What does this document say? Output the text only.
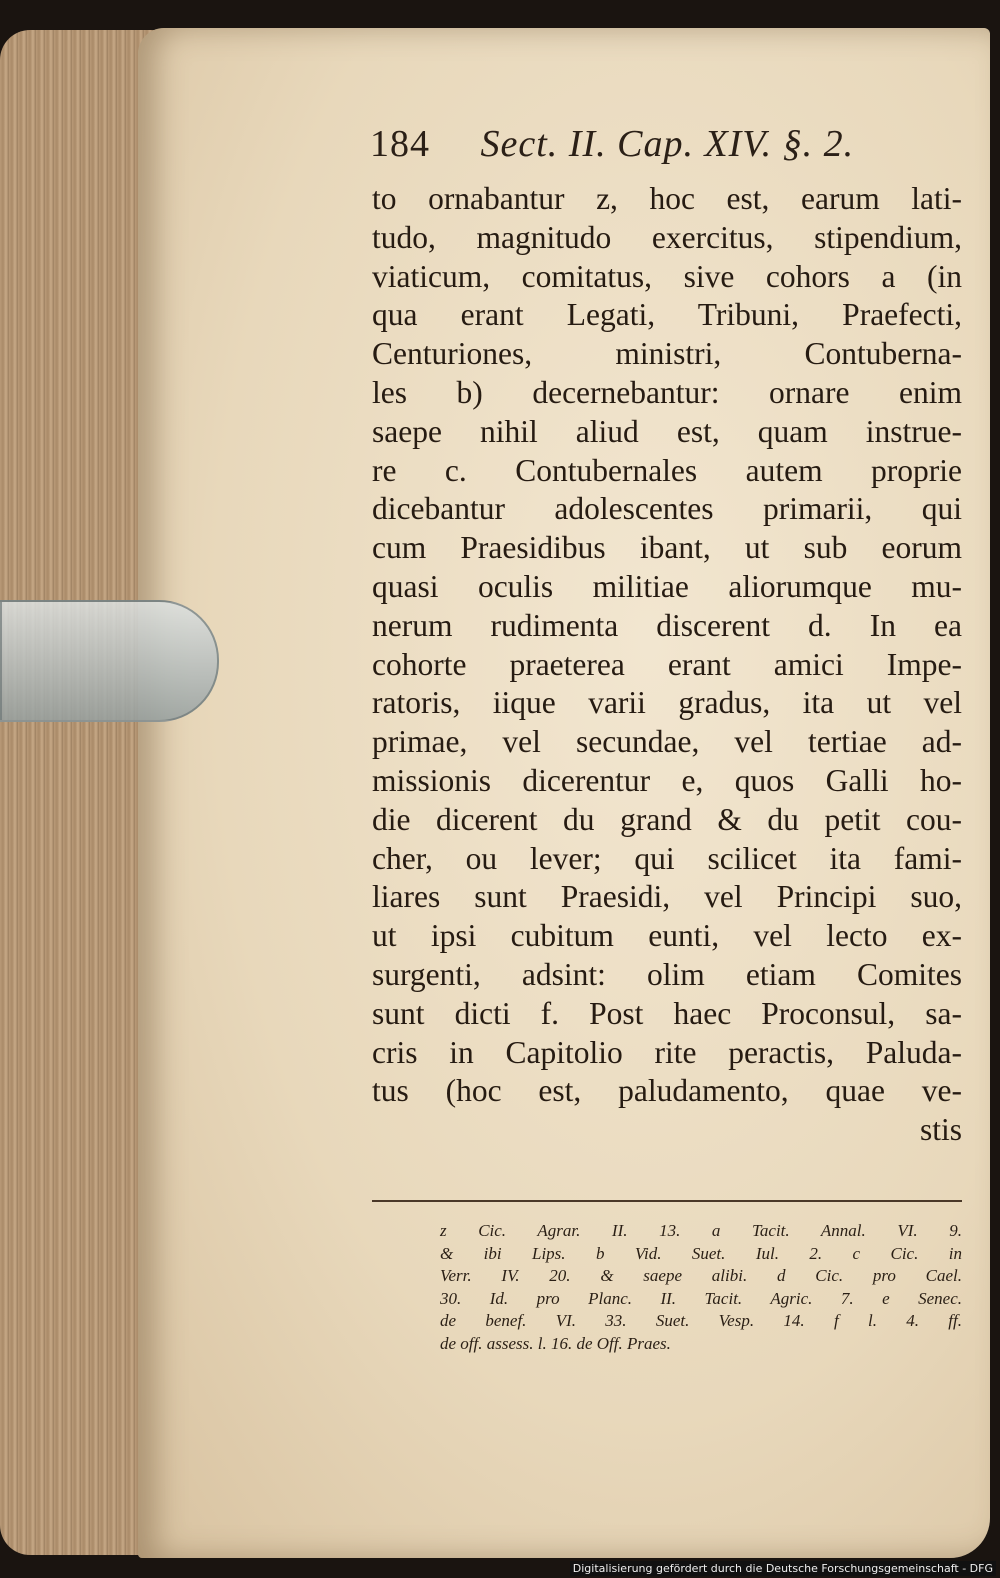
184 Sect. II. Cap. XIV. §. 2.
to ornabantur z, hoc est, earum lati-
tudo, magnitudo exercitus, stipendium,
viaticum, comitatus, sive cohors a (in
qua erant Legati, Tribuni, Praefecti,
Centuriones, ministri, Contuberna-
les b) decernebantur: ornare enim
saepe nihil aliud est, quam instrue-
re c. Contubernales autem proprie
dicebantur adolescentes primarii, qui
cum Praesidibus ibant, ut sub eorum
quasi oculis militiae aliorumque mu-
nerum rudimenta discerent d. In ea
cohorte praeterea erant amici Impe-
ratoris, iique varii gradus, ita ut vel
primae, vel secundae, vel tertiae ad-
missionis dicerentur e, quos Galli ho-
die dicerent du grand & du petit cou-
cher, ou lever; qui scilicet ita fami-
liares sunt Praesidi, vel Principi suo,
ut ipsi cubitum eunti, vel lecto ex-
surgenti, adsint: olim etiam Comites
sunt dicti f. Post haec Proconsul, sa-
cris in Capitolio rite peractis, Paluda-
tus (hoc est, paludamento, quae ve-
stis
z Cic. Agrar. II. 13. a Tacit. Annal. VI. 9.
& ibi Lips. b Vid. Suet. Iul. 2. c Cic. in
Verr. IV. 20. & saepe alibi. d Cic. pro Cael.
30. Id. pro Planc. II. Tacit. Agric. 7. e Senec.
de benef. VI. 33. Suet. Vesp. 14. f l. 4. ff.
de off. assess. l. 16. de Off. Praes.
Digitalisierung gefördert durch die Deutsche Forschungsgemeinschaft - DFG
